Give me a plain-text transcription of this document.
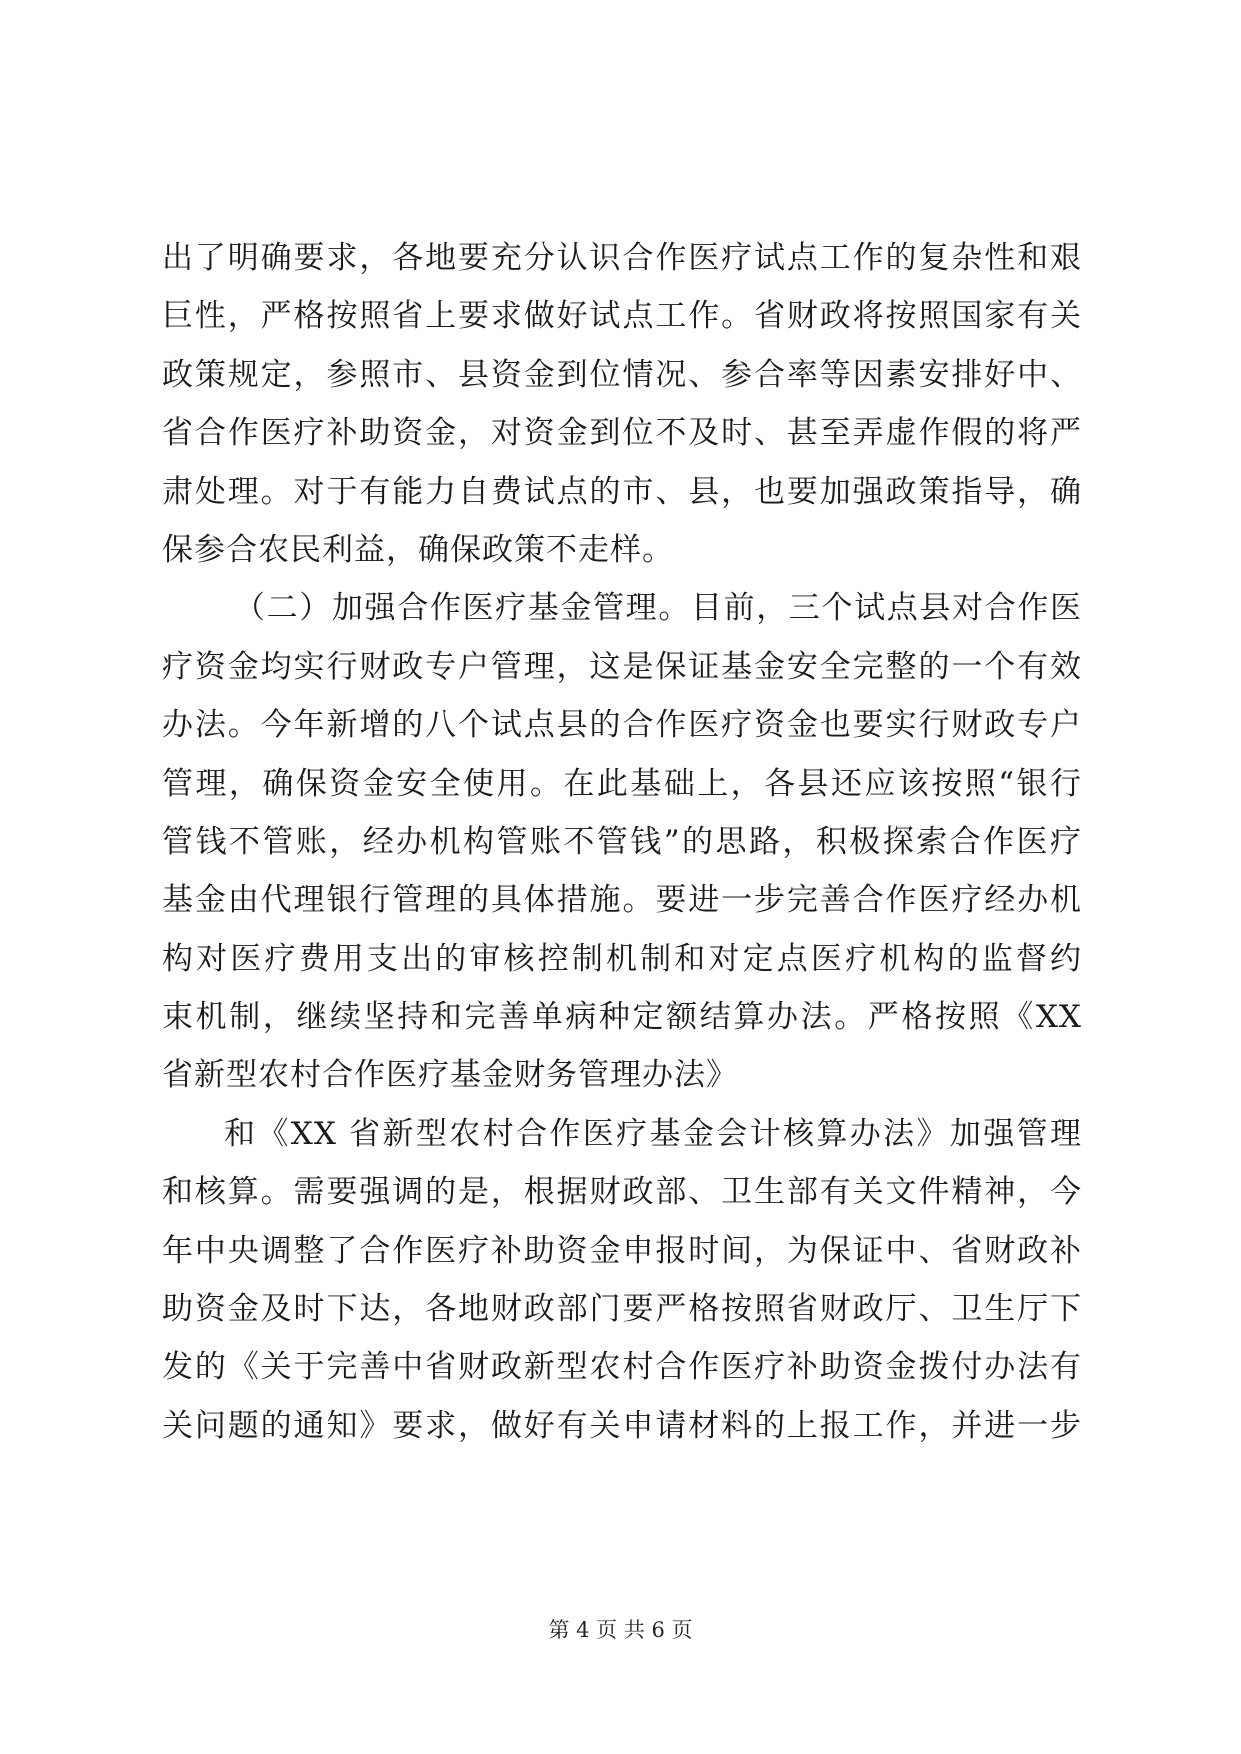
出了明确要求，各地要充分认识合作医疗试点工作的复杂性和艰
巨性，严格按照省上要求做好试点工作。省财政将按照国家有关
政策规定，参照市、县资金到位情况、参合率等因素安排好中、
省合作医疗补助资金，对资金到位不及时、甚至弄虚作假的将严
肃处理。对于有能力自费试点的市、县，也要加强政策指导，确
保参合农民利益，确保政策不走样。
（二）加强合作医疗基金管理。目前，三个试点县对合作医
疗资金均实行财政专户管理，这是保证基金安全完整的一个有效
办法。今年新增的八个试点县的合作医疗资金也要实行财政专户
管理，确保资金安全使用。在此基础上，各县还应该按照“银行
管钱不管账，经办机构管账不管钱”的思路，积极探索合作医疗
基金由代理银行管理的具体措施。要进一步完善合作医疗经办机
构对医疗费用支出的审核控制机制和对定点医疗机构的监督约
束机制，继续坚持和完善单病种定额结算办法。严格按照《XX
省新型农村合作医疗基金财务管理办法》
和《XX 省新型农村合作医疗基金会计核算办法》加强管理
和核算。需要强调的是，根据财政部、卫生部有关文件精神，今
年中央调整了合作医疗补助资金申报时间，为保证中、省财政补
助资金及时下达，各地财政部门要严格按照省财政厅、卫生厅下
发的《关于完善中省财政新型农村合作医疗补助资金拨付办法有
关问题的通知》要求，做好有关申请材料的上报工作，并进一步
第 4 页 共 6 页
